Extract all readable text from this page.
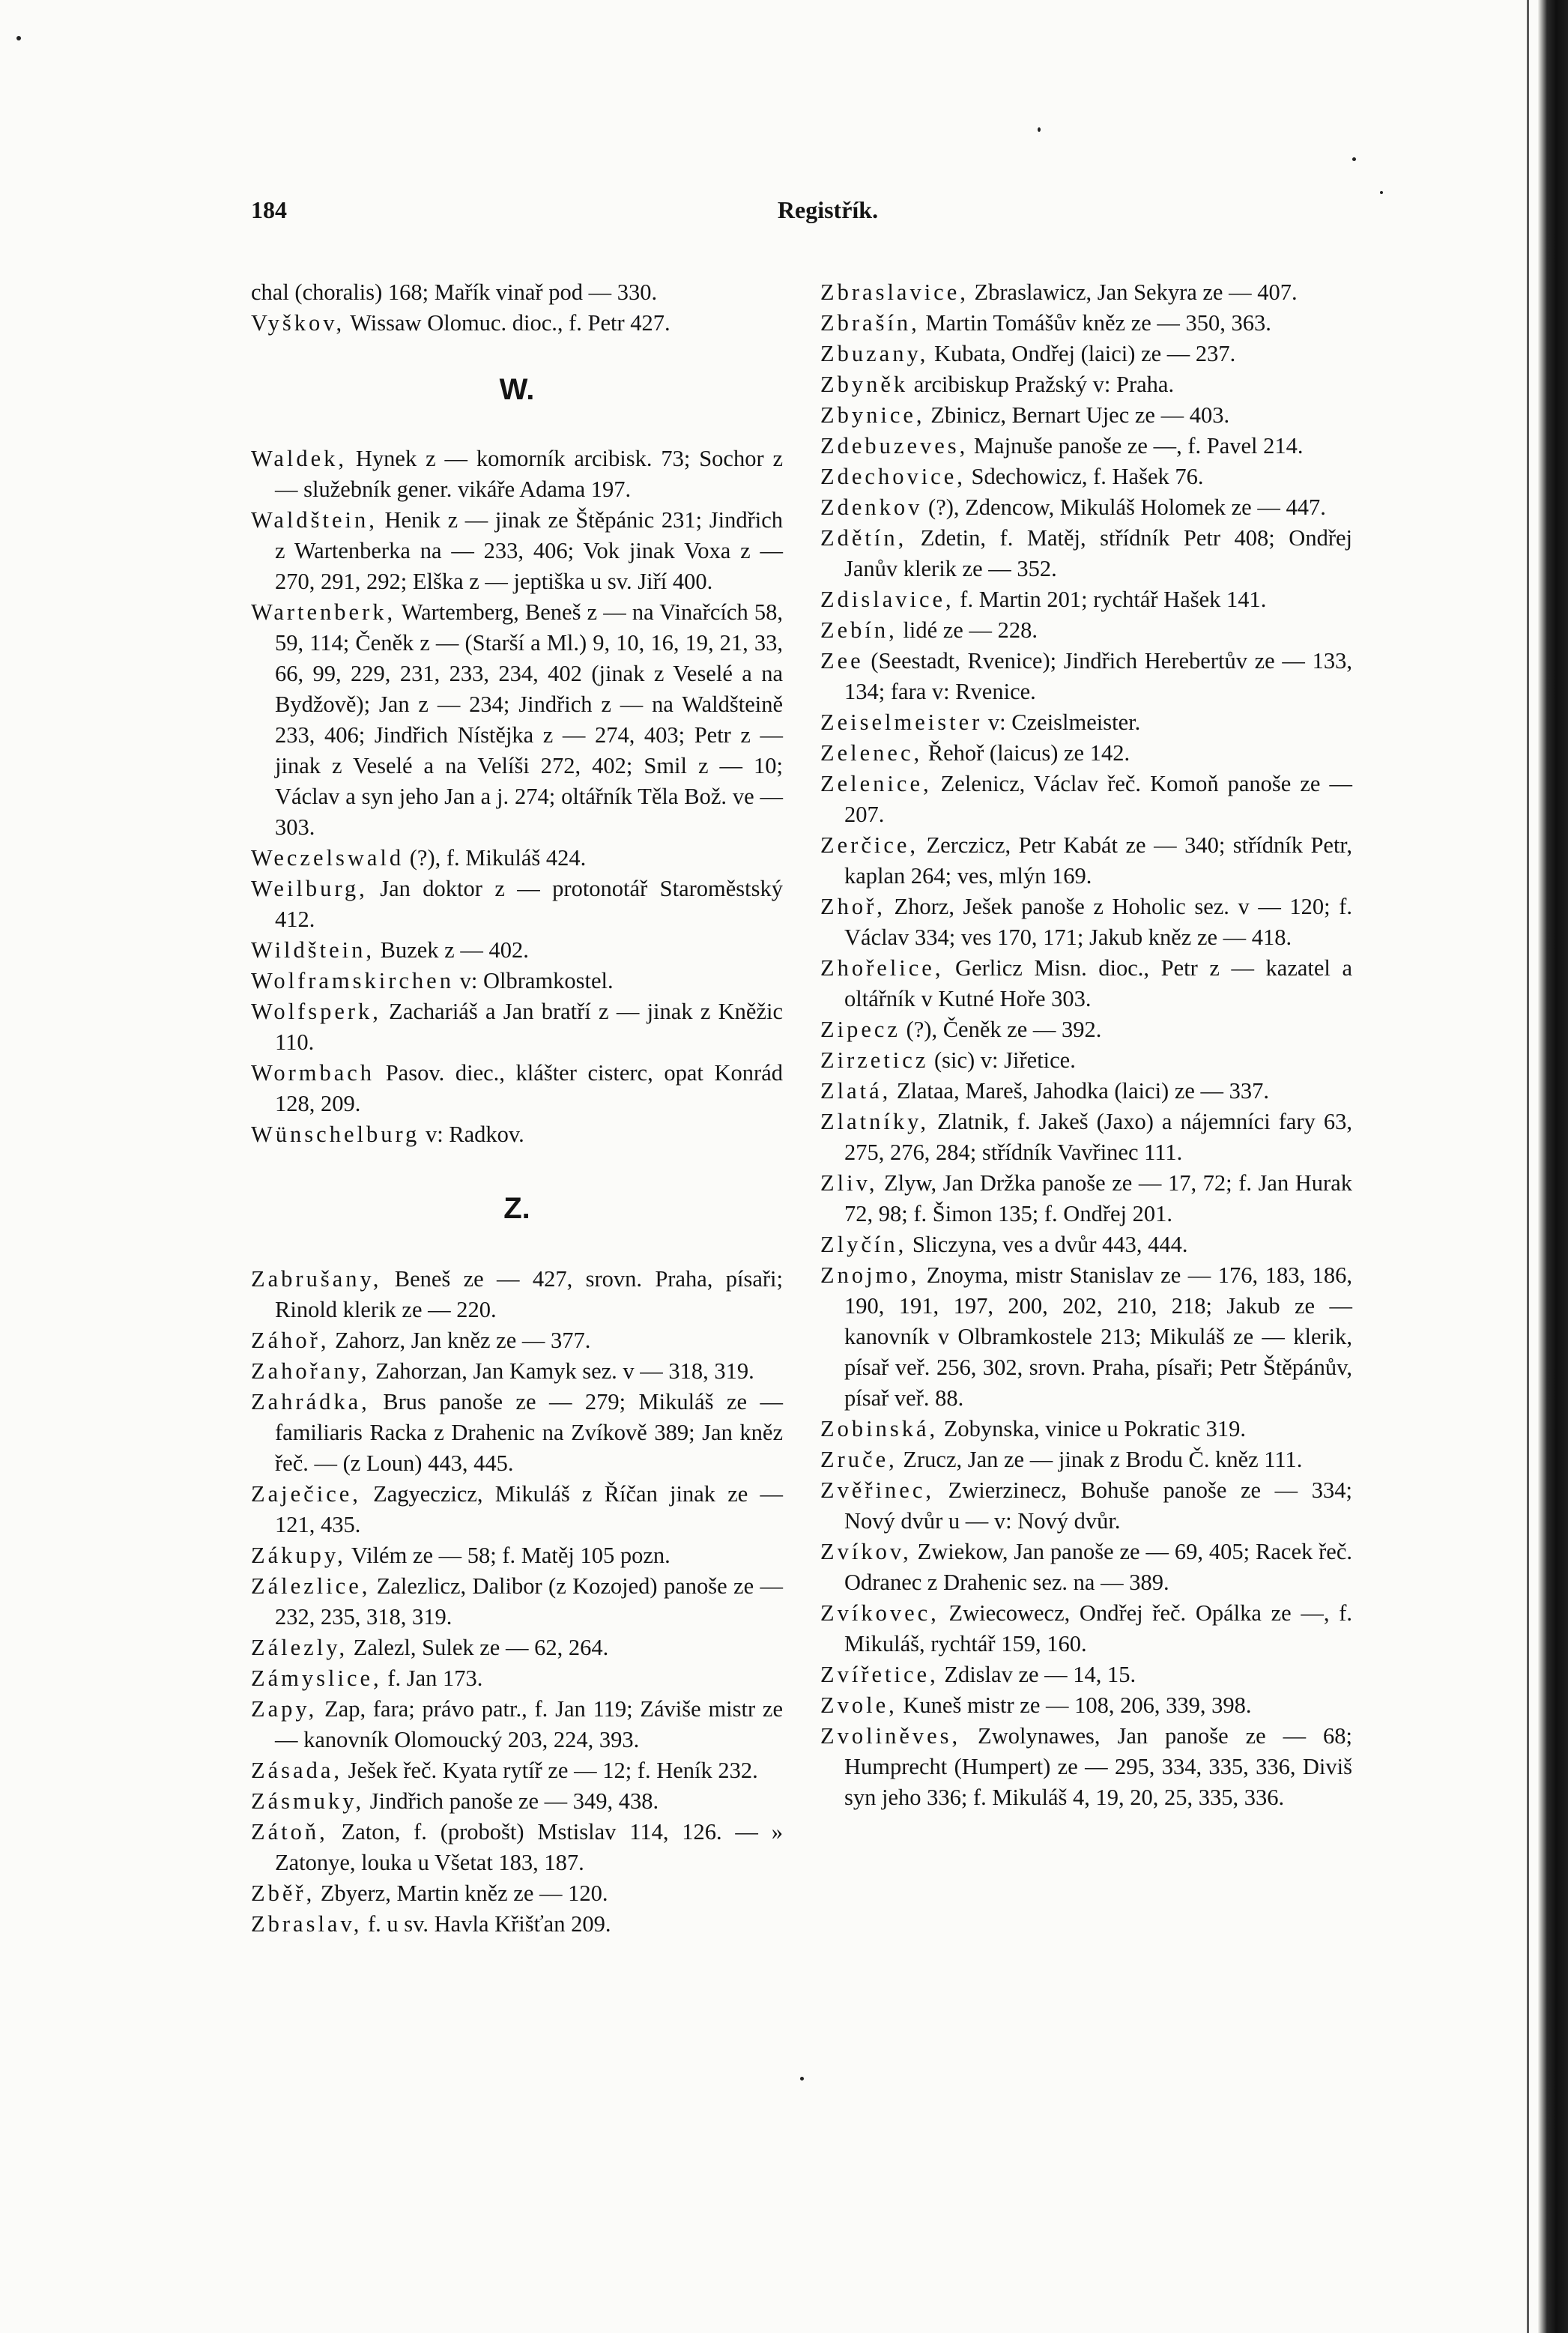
184	Registřík.

chal (choralis) 168; Mařík vinař pod — 330.

Vyškov, Wissaw Olomuc. dioc., f. Petr 427.

W.

Waldek, Hynek z — komorník arcibisk. 73; Sochor z — služebník gener. vikáře Adama 197.

Waldštein, Henik z — jinak ze Štěpánic 231; Jindřich z Wartenberka na — 233, 406; Vok jinak Voxa z — 270, 291, 292; Elška z — jeptiška u sv. Jiří 400.

Wartenberk, Wartemberg, Beneš z — na Vinařcích 58, 59, 114; Čeněk z — (Starší a Ml.) 9, 10, 16, 19, 21, 33, 66, 99, 229, 231, 233, 234, 402 (jinak z Veselé a na Bydžově); Jan z — 234; Jindřich z — na Waldšteině 233, 406; Jindřich Nístějka z — 274, 403; Petr z — jinak z Veselé a na Velíši 272, 402; Smil z — 10; Václav a syn jeho Jan a j. 274; oltářník Těla Bož. ve — 303.

Weczelswald (?), f. Mikuláš 424.

Weilburg, Jan doktor z — protonotář Staroměstský 412.

Wildštein, Buzek z — 402.

Wolframskirchen v: Olbramkostel.

Wolfsperk, Zachariáš a Jan bratří z — jinak z Kněžic 110.

Wormbach Pasov. diec., klášter cisterc, opat Konrád 128, 209.

Wünschelburg v: Radkov.

Z.

Zabrušany, Beneš ze — 427, srovn. Praha, písaři; Rinold klerik ze — 220.

Záhoř, Zahorz, Jan kněz ze — 377.

Zahořany, Zahorzan, Jan Kamyk sez. v — 318, 319.

Zahrádka, Brus panoše ze — 279; Mikuláš ze — familiaris Racka z Drahenic na Zvíkově 389; Jan kněz řeč. — (z Loun) 443, 445.

Zaječice, Zagyeczicz, Mikuláš z Říčan jinak ze — 121, 435.

Zákupy, Vilém ze — 58; f. Matěj 105 pozn.

Zálezlice, Zalezlicz, Dalibor (z Kozojed) panoše ze — 232, 235, 318, 319.

Zálezly, Zalezl, Sulek ze — 62, 264.

Zámyslice, f. Jan 173.

Zapy, Zap, fara; právo patr., f. Jan 119; Záviše mistr ze — kanovník Olomoucký 203, 224, 393.

Zásada, Ješek řeč. Kyata rytíř ze — 12; f. Heník 232.

Zásmuky, Jindřich panoše ze — 349, 438.

Zátoň, Zaton, f. (probošt) Mstislav 114, 126. — » Zatonye, louka u Všetat 183, 187.

Zběř, Zbyerz, Martin kněz ze — 120.

Zbraslav, f. u sv. Havla Křišťan 209.

Zbraslavice, Zbraslawicz, Jan Sekyra ze — 407.

Zbrašín, Martin Tomášův kněz ze — 350, 363.

Zbuzany, Kubata, Ondřej (laici) ze — 237.

Zbyněk arcibiskup Pražský v: Praha.

Zbynice, Zbinicz, Bernart Ujec ze — 403.

Zdebuzeves, Majnuše panoše ze —, f. Pavel 214.

Zdechovice, Sdechowicz, f. Hašek 76.

Zdenkov (?), Zdencow, Mikuláš Holomek ze — 447.

Zdětín, Zdetin, f. Matěj, střídník Petr 408; Ondřej Janův klerik ze — 352.

Zdislavice, f. Martin 201; rychtář Hašek 141.

Zebín, lidé ze — 228.

Zee (Seestadt, Rvenice); Jindřich Herebertův ze — 133, 134; fara v: Rvenice.

Zeiselmeister v: Czeislmeister.

Zelenec, Řehoř (laicus) ze 142.

Zelenice, Zelenicz, Václav řeč. Komoň panoše ze — 207.

Zerčice, Zerczicz, Petr Kabát ze — 340; střídník Petr, kaplan 264; ves, mlýn 169.

Zhoř, Zhorz, Ješek panoše z Hoholic sez. v — 120; f. Václav 334; ves 170, 171; Jakub kněz ze — 418.

Zhořelice, Gerlicz Misn. dioc., Petr z — kazatel a oltářník v Kutné Hoře 303.

Zipecz (?), Čeněk ze — 392.

Zirzeticz (sic) v: Jiřetice.

Zlatá, Zlataa, Mareš, Jahodka (laici) ze — 337.

Zlatníky, Zlatnik, f. Jakeš (Jaxo) a nájemníci fary 63, 275, 276, 284; střídník Vavřinec 111.

Zliv, Zlyw, Jan Držka panoše ze — 17, 72; f. Jan Hurak 72, 98; f. Šimon 135; f. Ondřej 201.

Zlyčín, Sliczyna, ves a dvůr 443, 444.

Znojmo, Znoyma, mistr Stanislav ze — 176, 183, 186, 190, 191, 197, 200, 202, 210, 218; Jakub ze — kanovník v Olbramkostele 213; Mikuláš ze — klerik, písař veř. 256, 302, srovn. Praha, písaři; Petr Štěpánův, písař veř. 88.

Zobinská, Zobynska, vinice u Pokratic 319.

Zruče, Zrucz, Jan ze — jinak z Brodu Č. kněz 111.

Zvěřinec, Zwierzinecz, Bohuše panoše ze — 334; Nový dvůr u — v: Nový dvůr.

Zvíkov, Zwiekow, Jan panoše ze — 69, 405; Racek řeč. Odranec z Drahenic sez. na — 389.

Zvíkovec, Zwiecowecz, Ondřej řeč. Opálka ze —, f. Mikuláš, rychtář 159, 160.

Zvířetice, Zdislav ze — 14, 15.

Zvole, Kuneš mistr ze — 108, 206, 339, 398.

Zvoliněves, Zwolynawes, Jan panoše ze — 68; Humprecht (Humpert) ze — 295, 334, 335, 336, Diviš syn jeho 336; f. Mikuláš 4, 19, 20, 25, 335, 336.
